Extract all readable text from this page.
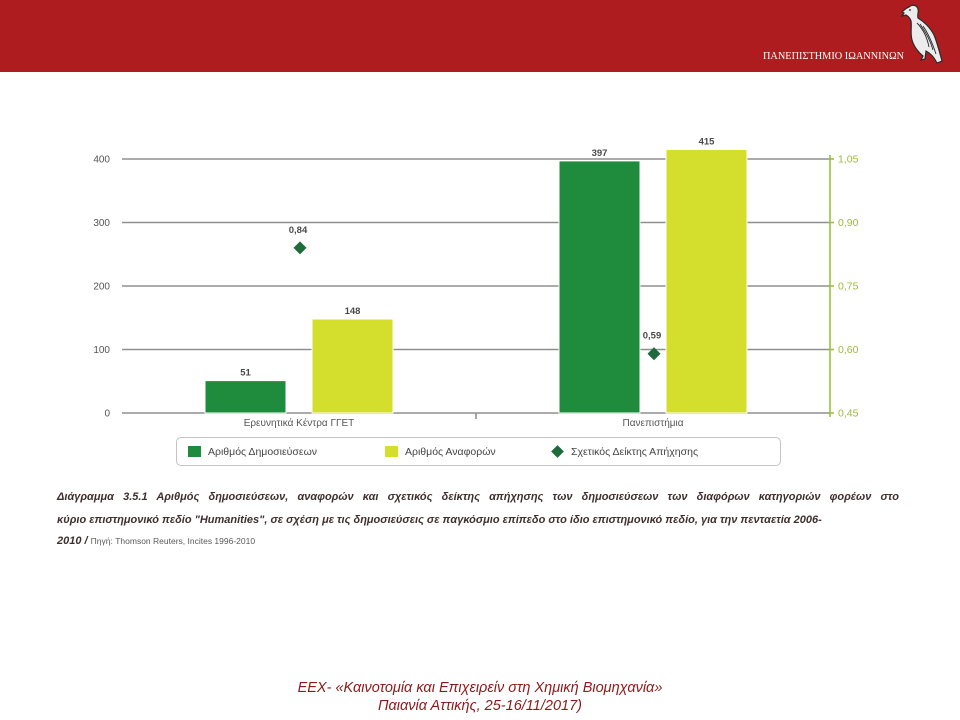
ΠΑΝΕΠΙΣΤΗΜΙΟ ΙΩΑΝΝΙΝΩΝ
0
100
200
300
400
0,45
0,60
0,75
0,90
1,05
Ερευνητικά Κέντρα ΓΓΕΤ
51
148
Πανεπιστήμια
397
415
0,84
0,59
Αριθμός Δημοσιεύσεων	Αριθμός Αναφορών	Σχετικός Δείκτης Απήχησης
Διάγραμμα 3.5.1 Αριθμός δημοσιεύσεων, αναφορών και σχετικός δείκτης απήχησης των δημοσιεύσεων των διαφόρων κατηγοριών φορέων στο
κύριο επιστημονικό πεδίο "Humanities", σε σχέση με τις δημοσιεύσεις σε παγκόσμιο επίπεδο στο ίδιο επιστημονικό πεδίο, για την πενταετία 2006-
2010 / Πηγή: Thomson Reuters, Incites 1996-2010
ΕΕΧ- «Καινοτομία και Επιχειρείν στη Χημική Βιομηχανία»
Παιανία Αττικής, 25-16/11/2017)
